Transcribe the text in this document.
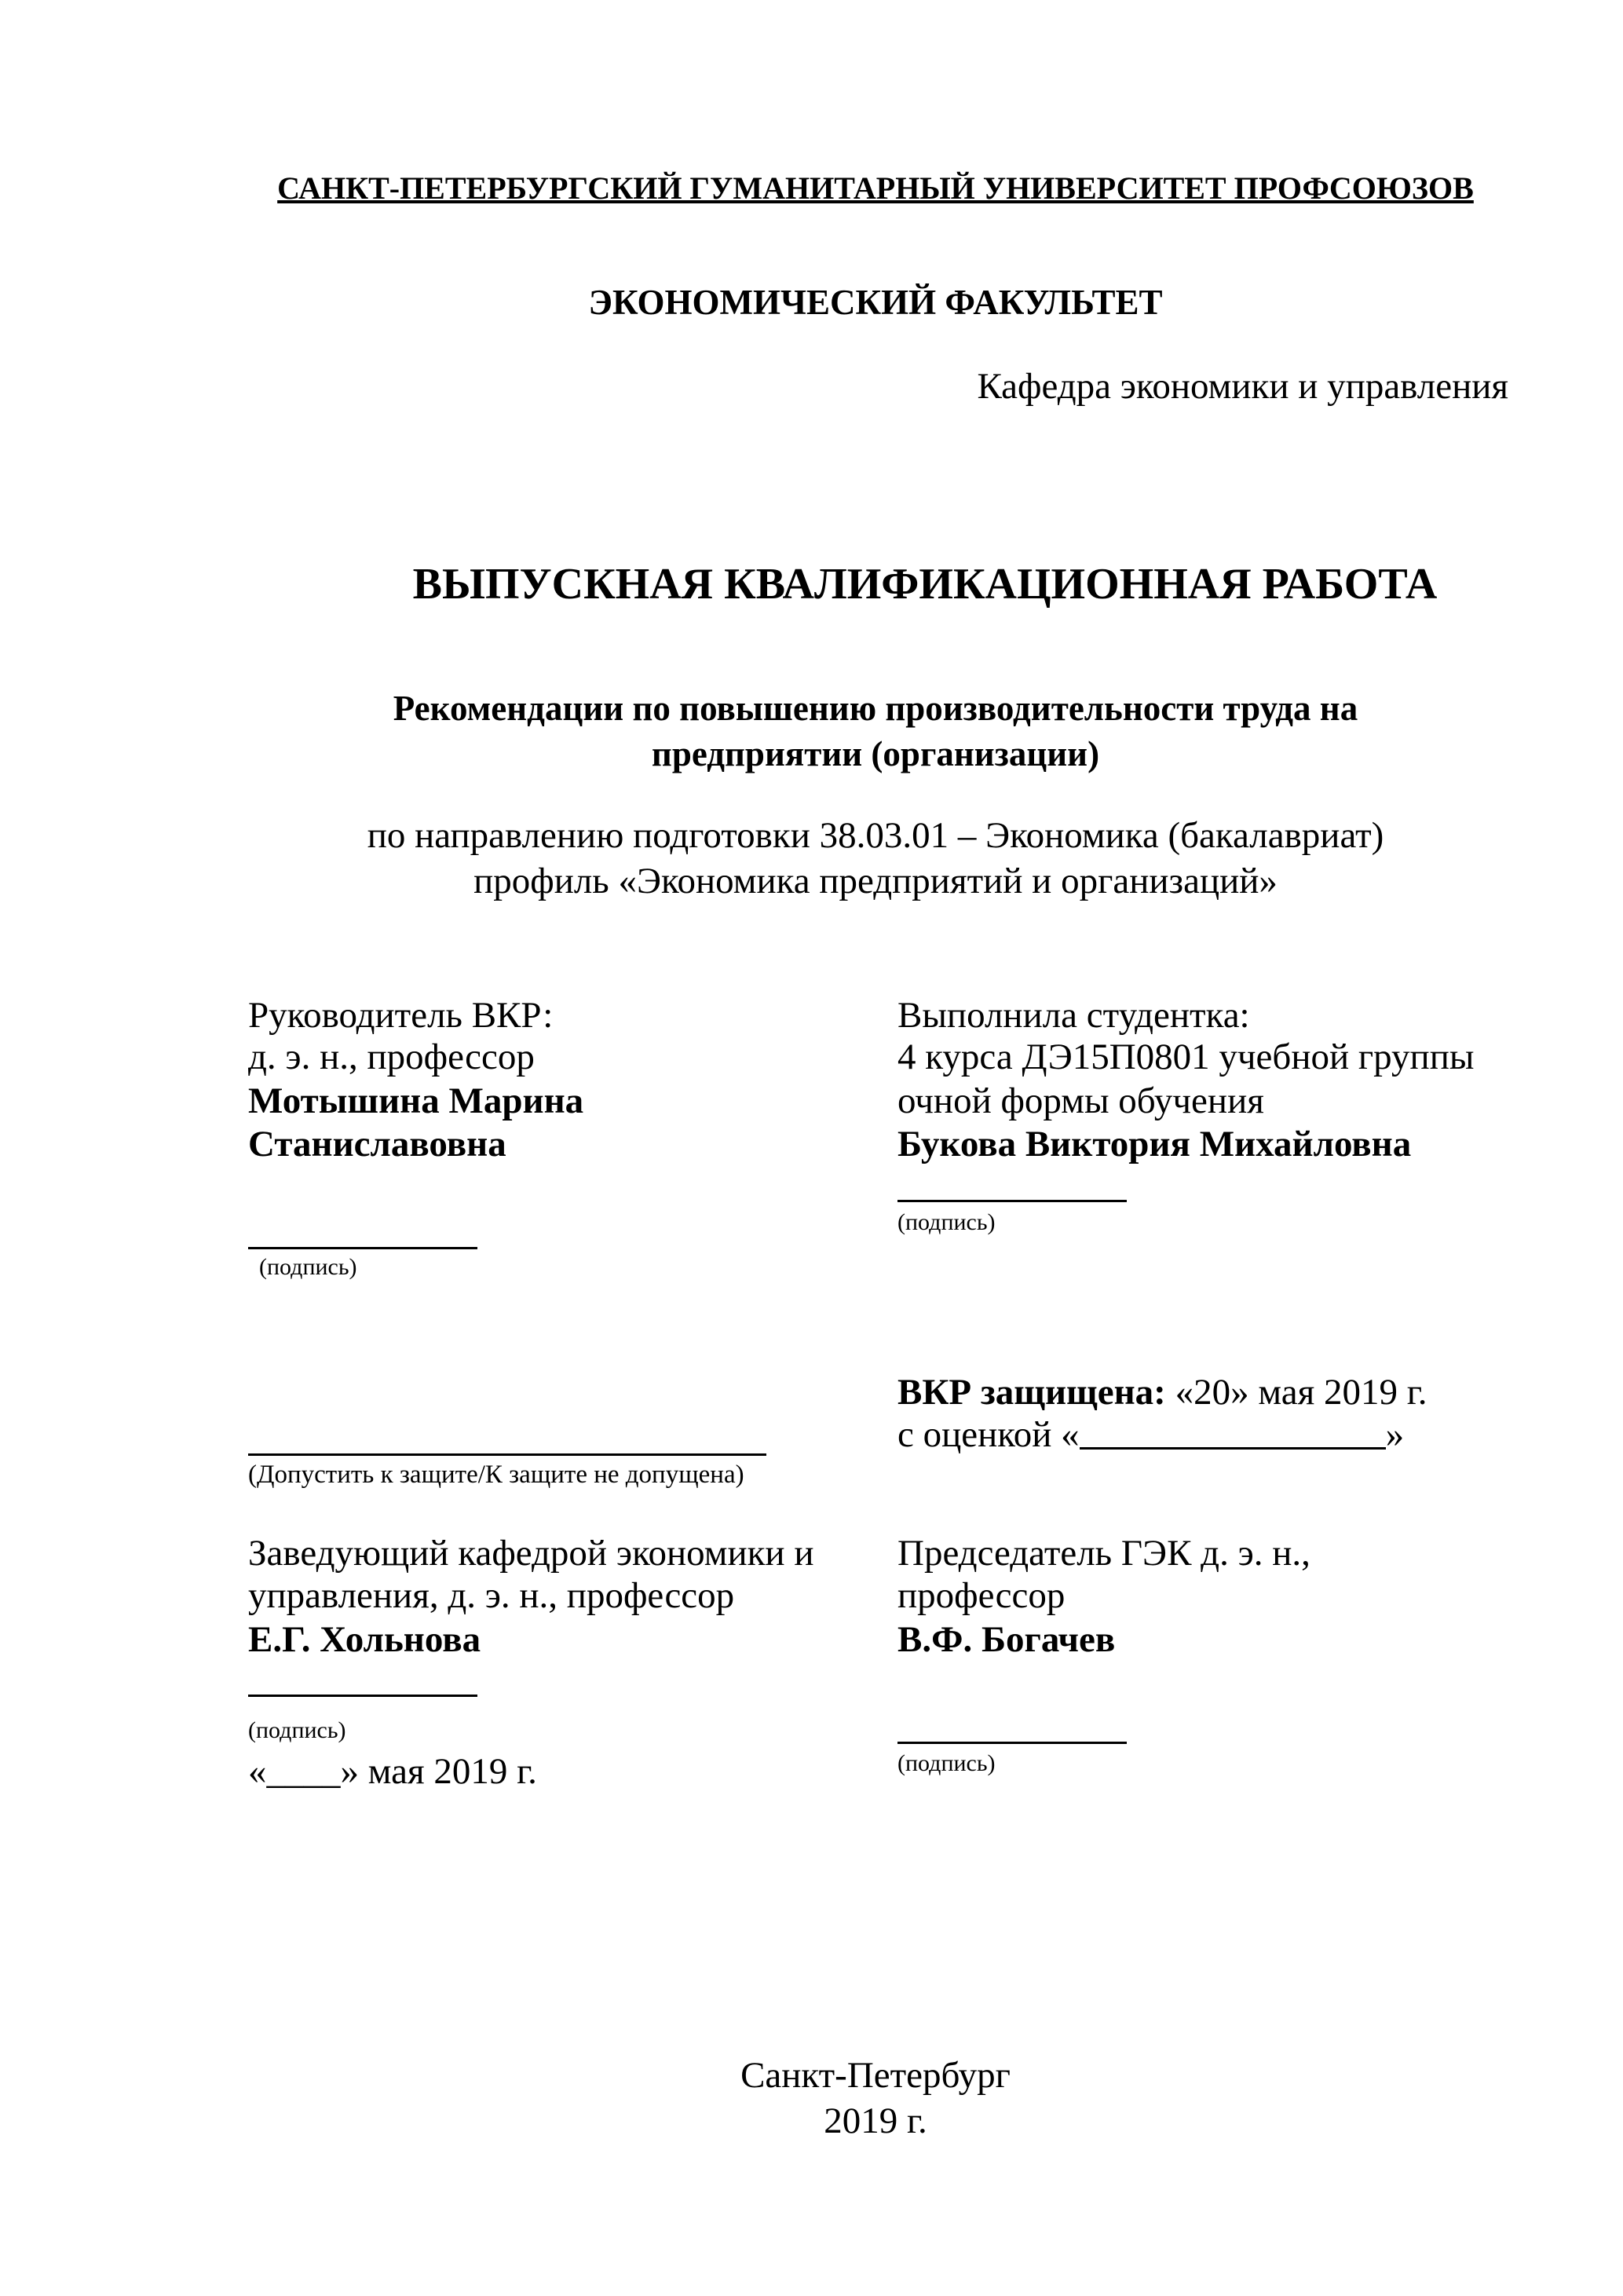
САНКТ-ПЕТЕРБУРГСКИЙ ГУМАНИТАРНЫЙ УНИВЕРСИТЕТ ПРОФСОЮЗОВ
ЭКОНОМИЧЕСКИЙ ФАКУЛЬТЕТ
Кафедра экономики и управления
ВЫПУСКНАЯ КВАЛИФИКАЦИОННАЯ РАБОТА
Рекомендации по повышению производительности труда на
предприятии (организации)
по направлению подготовки 38.03.01 – Экономика (бакалавриат)
профиль «Экономика предприятий и организаций»
Руководитель ВКР:
д. э. н., профессор
Мотышина Марина
Станиславовна
(подпись)
Выполнила студентка:
4 курса ДЭ15П0801 учебной группы
очной формы обучения
Букова Виктория Михайловна
(подпись)
(Допустить к защите/К защите не допущена)
ВКР защищена: «20» мая 2019 г.
с оценкой «	»
Заведующий кафедрой экономики и
управления, д. э. н., профессор
Е.Г. Хольнова
(подпись)
«____» мая 2019 г.
Председатель ГЭК д. э. н.,
профессор
В.Ф. Богачев
(подпись)
Санкт-Петербург
2019 г.
